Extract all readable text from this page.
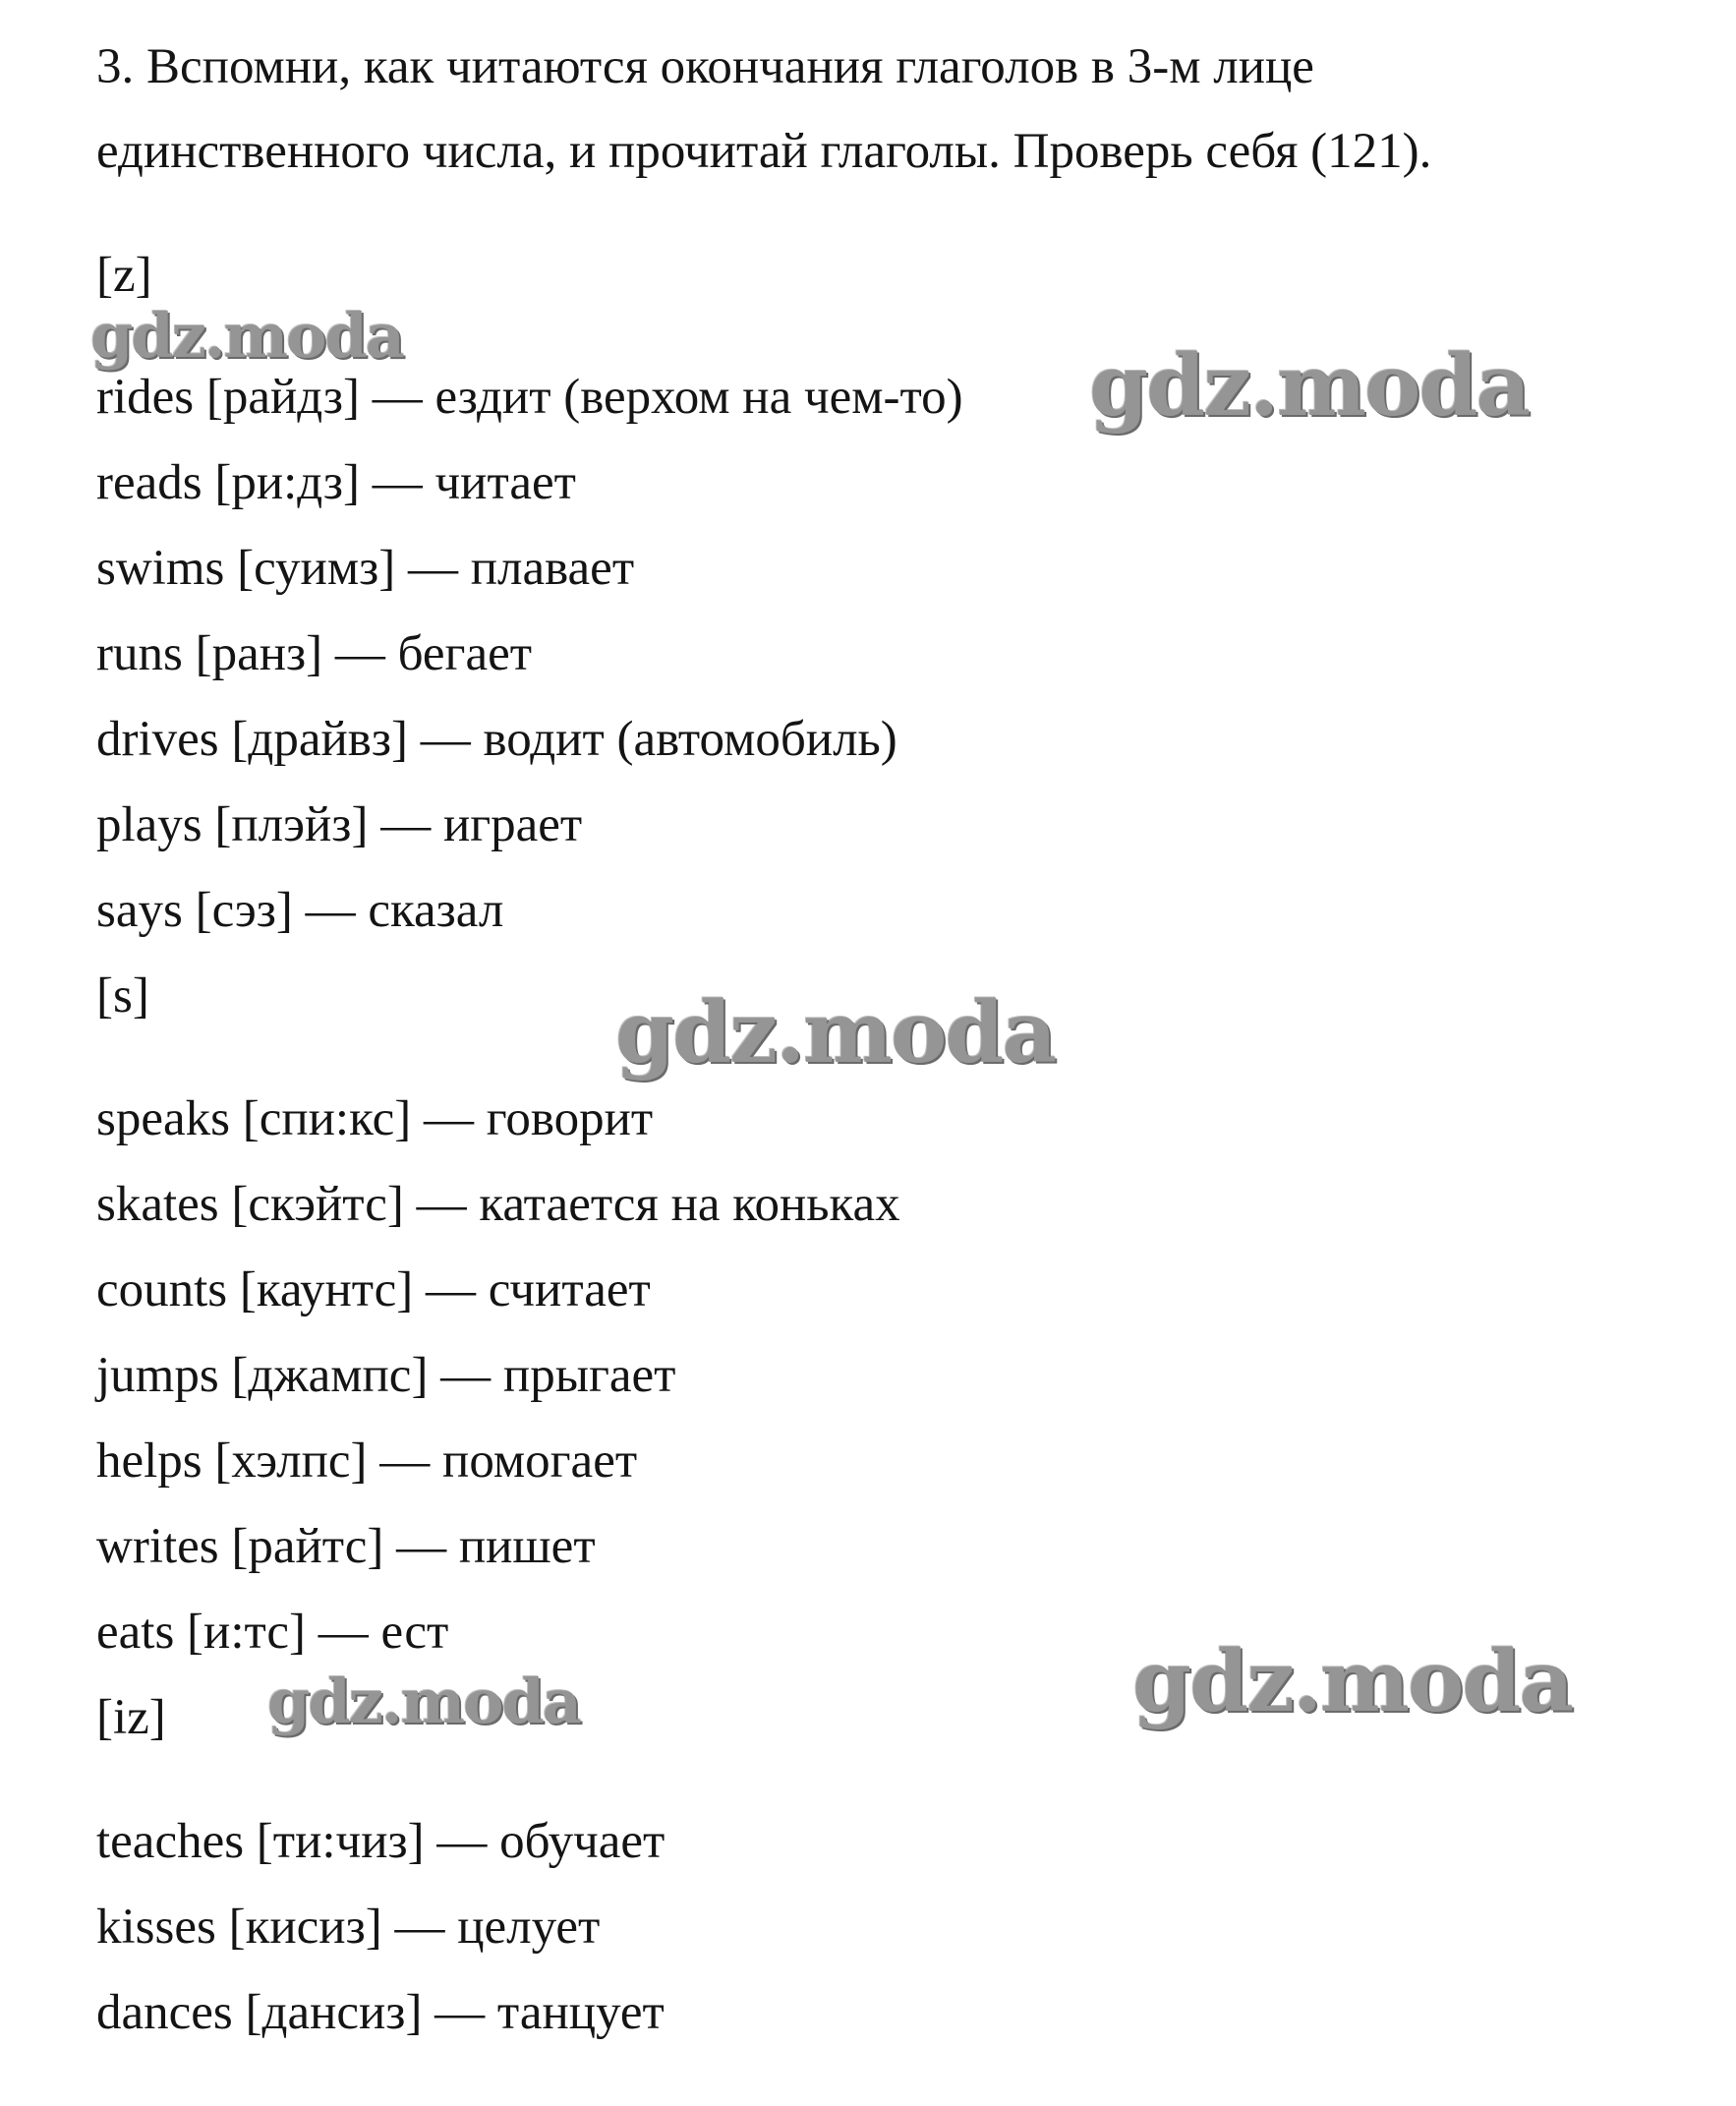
3. Вспомни, как читаются окончания глаголов в 3-м лице
единственного числа, и прочитай глаголы. Проверь себя (121).
[z]
rides [райдз] — ездит (верхом на чем-то)
reads [ри:дз] — читает
swims [суимз] — плавает
runs [ранз] — бегает
drives [драйвз] — водит (автомобиль)
plays [плэйз] — играет
says [сэз] — сказал
[s]
speaks [спи:кс] — говорит
skates [скэйтс] — катается на коньках
counts [каунтс] — считает
jumps [джампс] — прыгает
helps [хэлпс] — помогает
writes [райтс] — пишет
eats [и:тс] — ест
[iz]
teaches [ти:чиз] — обучает
kisses [кисиз] — целует
dances [дансиз] — танцует
gdz.moda
gdz.moda
gdz.moda
gdz.moda	gdz.moda
